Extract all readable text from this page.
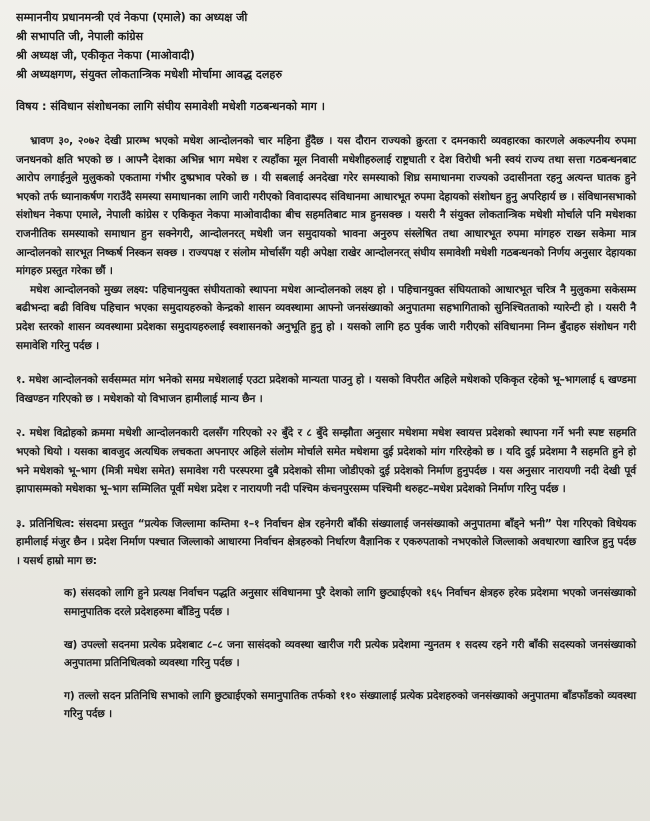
सम्माननीय प्रधानमन्त्री एवं नेकपा (एमाले) का अध्यक्ष जी
श्री सभापति जी, नेपाली कांग्रेस
श्री अध्यक्ष जी, एकीकृत नेकपा (माओवादी)
श्री अध्यक्षगण, संयुक्त लोकतान्त्रिक मधेशी मोर्चामा आवद्ध दलहरु

विषय : संविधान संशोधनका लागि संघीय समावेशी मधेशी गठबन्धनको माग ।

भ्रावण ३०, २०७२ देखी प्रारम्भ भएको मधेश आन्दोलनको चार महिना हुँदैछ । यस दौरान राज्यको क्रुरता र दमनकारी व्यवहारका कारणले अकल्पनीय रुपमा जनधनको क्षति भएको छ । आफ्नै देशका अभिन्न भाग मधेश र त्यहाँका मूल निवासी मधेशीहरुलाई राष्ट्रघाती र देश विरोधी भनी स्वयं राज्य तथा सत्ता गठबन्धनबाट आरोप लगाईनुले मुलुकको एकतामा गंभीर दुष्प्रभाव परेको छ । यी सबलाई अनदेखा गरेर समस्याको शिघ्र समाधानमा राज्यको उदासीनता रहनु अत्यन्त घातक हुने भएको तर्फ ध्यानाकर्षण गराउँदै समस्या समाधानका लागि जारी गरीएको विवादास्पद संविधानमा आधारभूत रुपमा देहायको संशोधन हुनु अपरिहार्य छ । संविधानसभाको संशोधन नेकपा एमाले, नेपाली कांग्रेस र एकिकृत नेकपा माओवादीका बीच सहमतिबाट मात्र हुनसक्छ । यसरी नै संयुक्त लोकतान्त्रिक मधेशी मोर्चाले पनि मधेशका राजनीतिक समस्याको समाधान हुन सक्नेगरी, आन्दोलनरत् मधेशी जन समुदायको भावना अनुरुप संस्लेषित तथा आधारभूत रुपमा मांगहरु राख्न सकेमा मात्र आन्दोलनको सारभूत निष्कर्ष निस्कन सक्छ । राज्यपक्ष र संलोम मोर्चासँग यही अपेक्षा राखेर आन्दोलनरत् संघीय समावेशी मधेशी गठबन्धनको निर्णय अनुसार देहायका मांगहरु प्रस्तुत गरेका छौं ।

मधेश आन्दोलनको मुख्य लक्ष्य: पहिचानयुक्त संघीयताको स्थापना मधेश आन्दोलनको लक्ष्य हो । पहिचानयुक्त संघियताको आधारभूत चरित्र नै मुलुकमा सकेसम्म बढीभन्दा बढी विविध पहिचान भएका समुदायहरुको केन्द्रको शासन व्यवस्थामा आफ्नो जनसंख्याको अनुपातमा सहभागिताको सुनिश्चितताको ग्यारेन्टी हो । यसरी नै प्रदेश स्तरको शासन व्यवस्थामा प्रदेशका समुदायहरुलाई स्वशासनको अनुभूति हुनु हो । यसको लागि हठ पुर्वक जारी गरीएको संविधानमा निम्न बुँदाहरु संशोधन गरी समावेशि गरिनु पर्दछ ।

१. मधेश आन्दोलनको सर्वसम्मत मांग भनेको समग्र मधेशलाई एउटा प्रदेशको मान्यता पाउनु हो । यसको विपरीत अहिले मधेशको एकिकृत रहेको भू–भागलाई ६ खण्डमा विखण्डन गरिएको छ । मधेशको यो विभाजन हामीलाई मान्य छैन ।

२. मधेश विद्रोहको क्रममा मधेशी आन्दोलनकारी दलसँग गरिएको २२ बुँदे र ८ बुँदे सम्झौता अनुसार मधेशमा मधेश स्वायत्त प्रदेशको स्थापना गर्ने भनी स्पष्ट सहमति भएको थियो । यसका बावजुद अत्यधिक लचकता अपनाएर अहिले संलोम मोर्चाले समेत मधेशमा दुई प्रदेशको मांग गरिरहेको छ । यदि दुई प्रदेशमा नै सहमति हुने हो भने मधेशको भू–भाग (मित्री मधेश समेत) समावेश गरी परस्परमा दुबै प्रदेशको सीमा जोडीएको दुई प्रदेशको निर्माण हुनुपर्दछ । यस अनुसार नारायणी नदी देखी पूर्व झापासम्मको मधेशका भू–भाग सम्मिलित पूर्वी मधेश प्रदेश र नारायणी नदी पश्चिम कंचनपुरसम्म पश्चिमी थरुहट–मधेश प्रदेशको निर्माण गरिनु पर्दछ ।

३. प्रतिनिधित्व: संसदमा प्रस्तुत “प्रत्येक जिल्लामा कम्तिमा १–१ निर्वाचन क्षेत्र रहनेगरी बाँकी संख्यालाई जनसंख्याको अनुपातमा बाँड्ने भनी” पेश गरिएको विधेयक हामीलाई मंजुर छैन । प्रदेश निर्माण पश्चात जिल्लाको आधारमा निर्वाचन क्षेत्रहरुको निर्धारण वैज्ञानिक र एकरुपताको नभएकोले जिल्लाको अवधारणा खारिज हुनु पर्दछ । यसर्थ हाम्रो माग छ:

क) संसदको लागि हुने प्रत्यक्ष निर्वाचन पद्धति अनुसार संविधानमा पुरै देशको लागि छुट्याईएको १६५ निर्वाचन क्षेत्रहरु हरेक प्रदेशमा भएको जनसंख्याको समानुपातिक दरले प्रदेशहरुमा बाँडिनु पर्दछ ।

ख) उपल्लो सदनमा प्रत्येक प्रदेशबाट ८–८ जना सासंदको व्यवस्था खारीज गरी प्रत्येक प्रदेशमा न्युनतम १ सदस्य रहने गरी बाँकी सदस्यको जनसंख्याको अनुपातमा प्रतिनिधित्वको व्यवस्था गरिनु पर्दछ ।

ग) तल्लो सदन प्रतिनिधि सभाको लागि छुट्याईएको समानुपातिक तर्फको ११० संख्यालाई प्रत्येक प्रदेशहरुको जनसंख्याको अनुपातमा बाँडफाँडको व्यवस्था गरिनु पर्दछ ।
